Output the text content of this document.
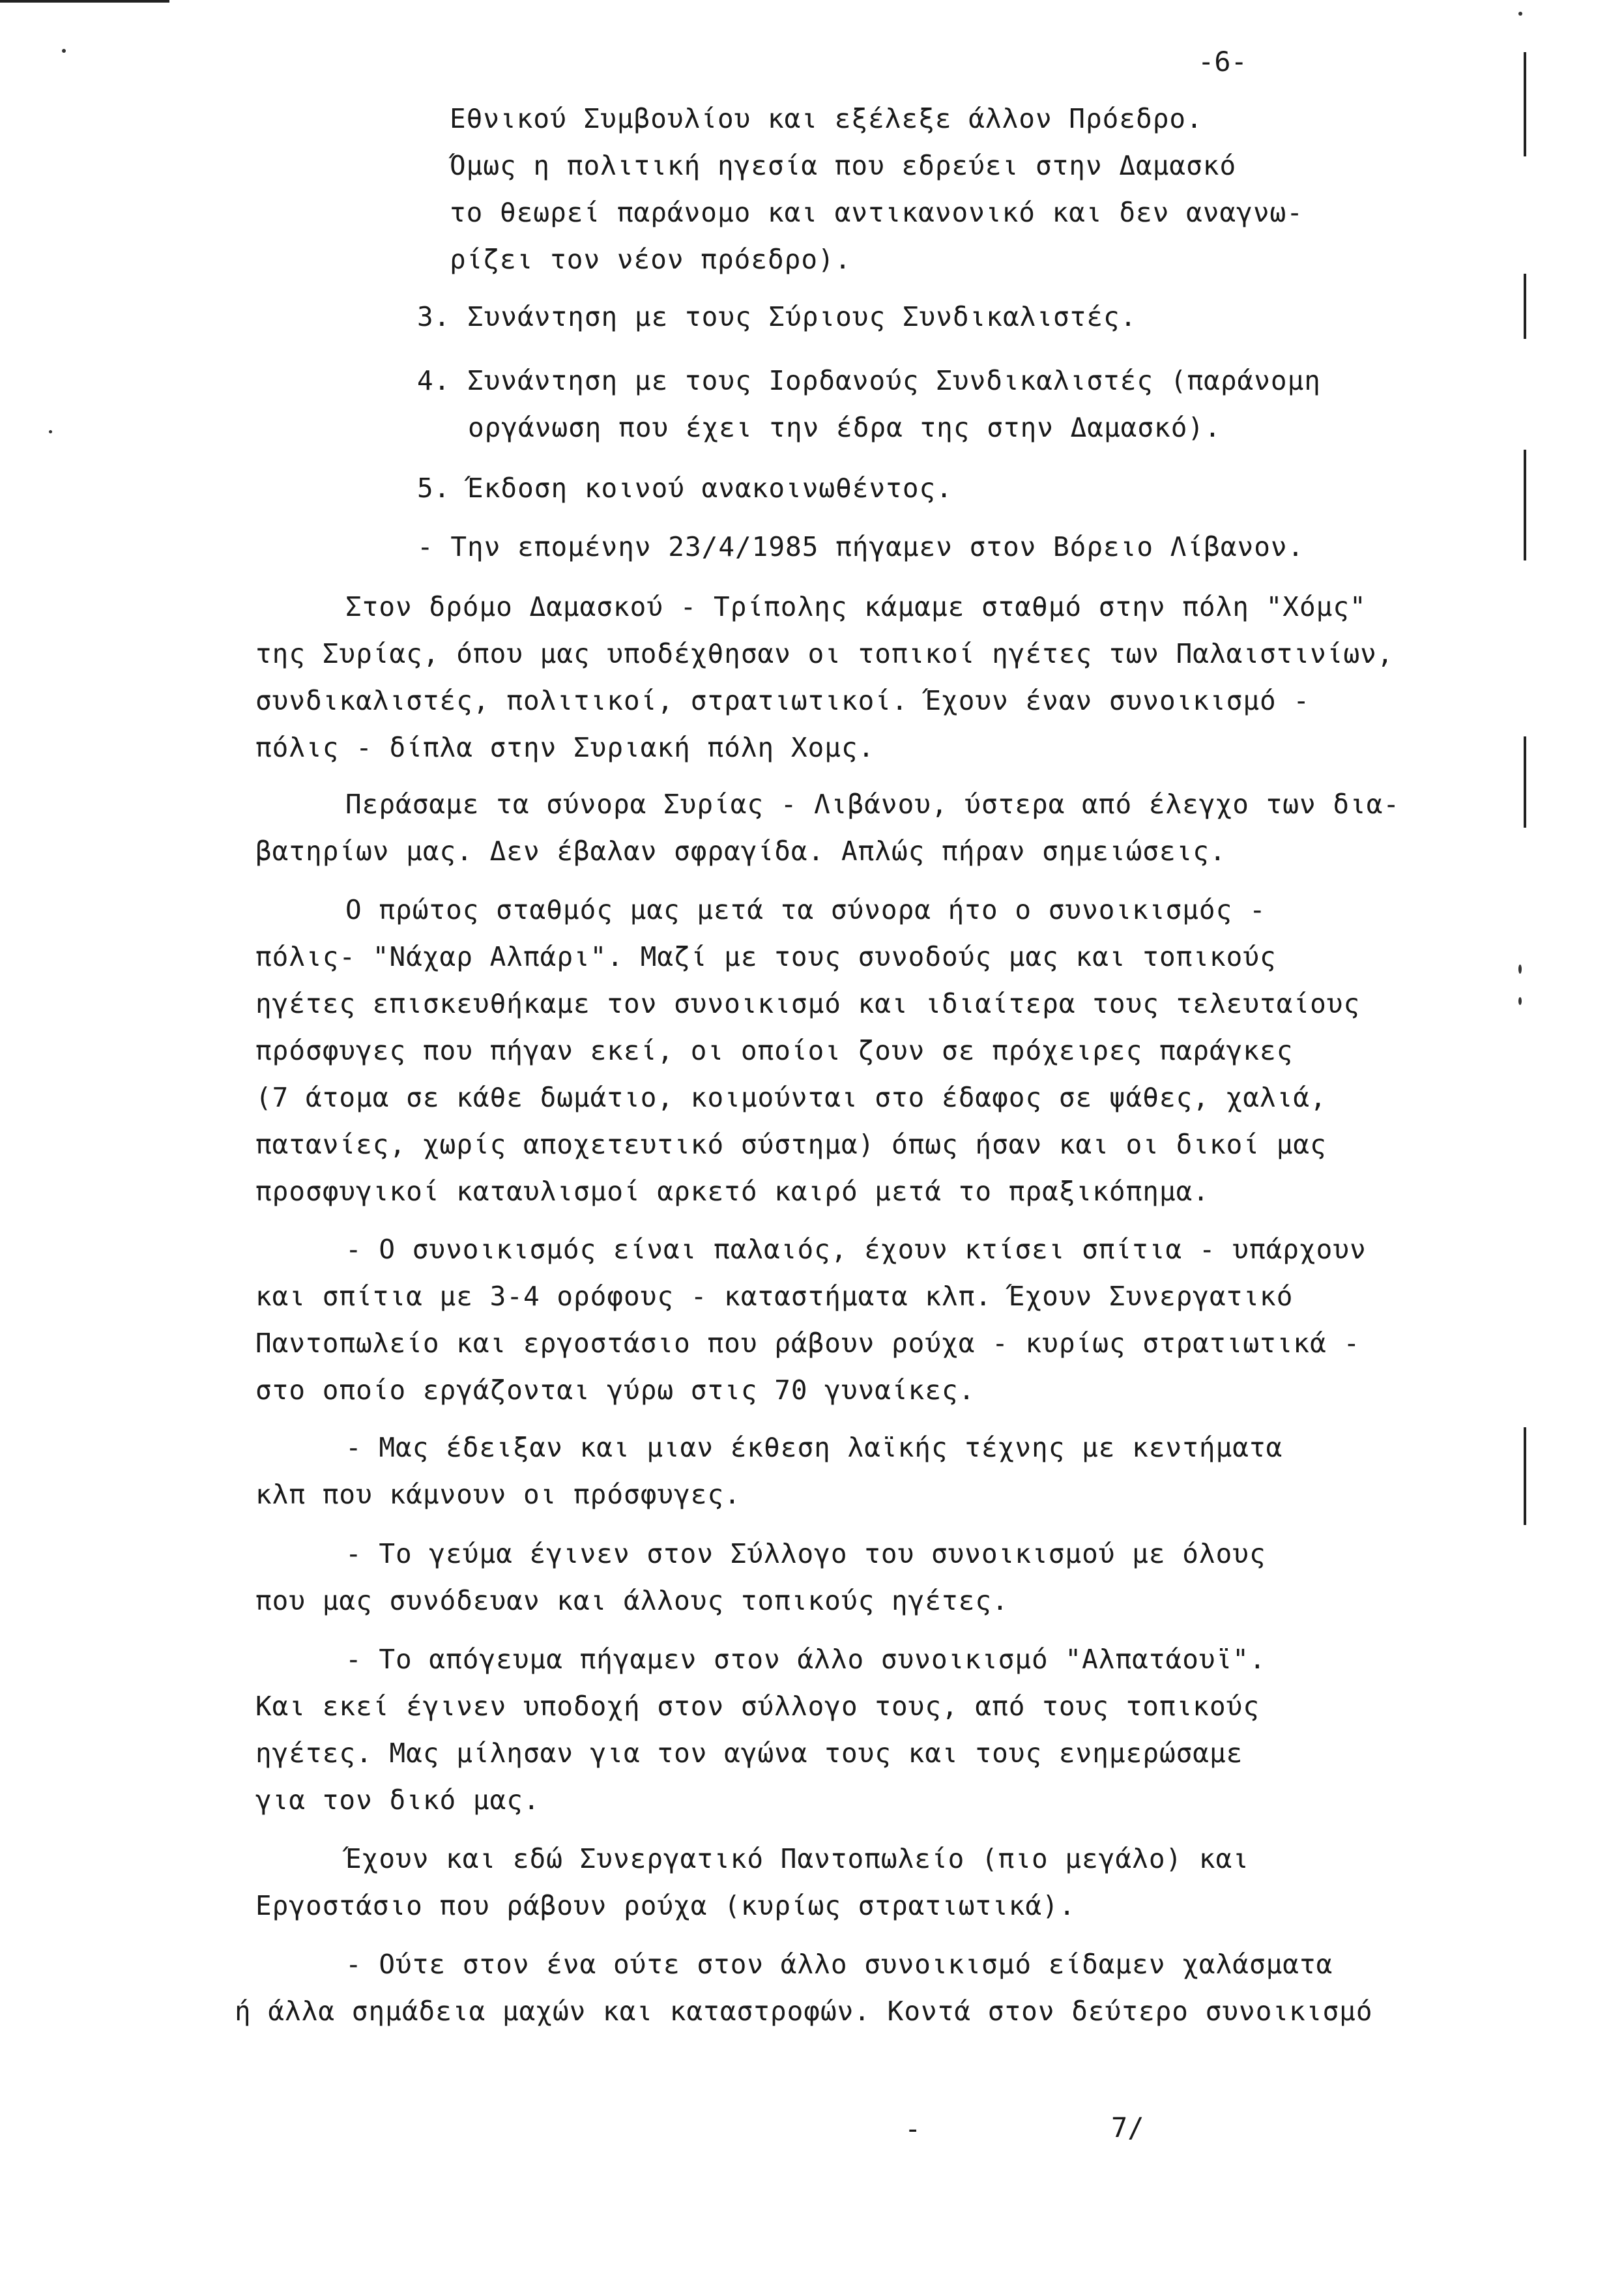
-6-
Εθνικού Συμβουλίου και εξέλεξε άλλον Πρόεδρο.
Όμως η πολιτική ηγεσία που εδρεύει στην Δαμασκό
το θεωρεί παράνομο και αντικανονικό και δεν αναγνω-
ρίζει τον νέον πρόεδρο).
3. Συνάντηση με τους Σύριους Συνδικαλιστές.
4. Συνάντηση με τους Ιορδανούς Συνδικαλιστές (παράνομη
οργάνωση που έχει την έδρα της στην Δαμασκό).
5. Έκδοση κοινού ανακοινωθέντος.
- Την επομένην 23/4/1985 πήγαμεν στον Βόρειο Λίβανον.
Στον δρόμο Δαμασκού - Τρίπολης κάμαμε σταθμό στην πόλη "Χόμς"
της Συρίας, όπου μας υποδέχθησαν οι τοπικοί ηγέτες των Παλαιστινίων,
συνδικαλιστές, πολιτικοί, στρατιωτικοί. Έχουν έναν συνοικισμό -
πόλις - δίπλα στην Συριακή πόλη Χομς.
Περάσαμε τα σύνορα Συρίας - Λιβάνου, ύστερα από έλεγχο των δια-
βατηρίων μας. Δεν έβαλαν σφραγίδα. Απλώς πήραν σημειώσεις.
Ο πρώτος σταθμός μας μετά τα σύνορα ήτο ο συνοικισμός -
πόλις- "Νάχαρ Αλπάρι". Μαζί με τους συνοδούς μας και τοπικούς
ηγέτες επισκευθήκαμε τον συνοικισμό και ιδιαίτερα τους τελευταίους
πρόσφυγες που πήγαν εκεί, οι οποίοι ζουν σε πρόχειρες παράγκες
(7 άτομα σε κάθε δωμάτιο, κοιμούνται στο έδαφος σε ψάθες, χαλιά,
πατανίες, χωρίς αποχετευτικό σύστημα) όπως ήσαν και οι δικοί μας
προσφυγικοί καταυλισμοί αρκετό καιρό μετά το πραξικόπημα.
- Ο συνοικισμός είναι παλαιός, έχουν κτίσει σπίτια - υπάρχουν
και σπίτια με 3-4 ορόφους - καταστήματα κλπ. Έχουν Συνεργατικό
Παντοπωλείο και εργοστάσιο που ράβουν ρούχα - κυρίως στρατιωτικά -
στο οποίο εργάζονται γύρω στις 70 γυναίκες.
- Μας έδειξαν και μιαν έκθεση λαϊκής τέχνης με κεντήματα
κλπ που κάμνουν οι πρόσφυγες.
- Το γεύμα έγινεν στον Σύλλογο του συνοικισμού με όλους
που μας συνόδευαν και άλλους τοπικούς ηγέτες.
- Το απόγευμα πήγαμεν στον άλλο συνοικισμό "Αλπατάουϊ".
Και εκεί έγινεν υποδοχή στον σύλλογο τους, από τους τοπικούς
ηγέτες. Μας μίλησαν για τον αγώνα τους και τους ενημερώσαμε
για τον δικό μας.
Έχουν και εδώ Συνεργατικό Παντοπωλείο (πιο μεγάλο) και
Εργοστάσιο που ράβουν ρούχα (κυρίως στρατιωτικά).
- Ούτε στον ένα ούτε στον άλλο συνοικισμό είδαμεν χαλάσματα
ή άλλα σημάδεια μαχών και καταστροφών. Κοντά στον δεύτερο συνοικισμό
-	7/
